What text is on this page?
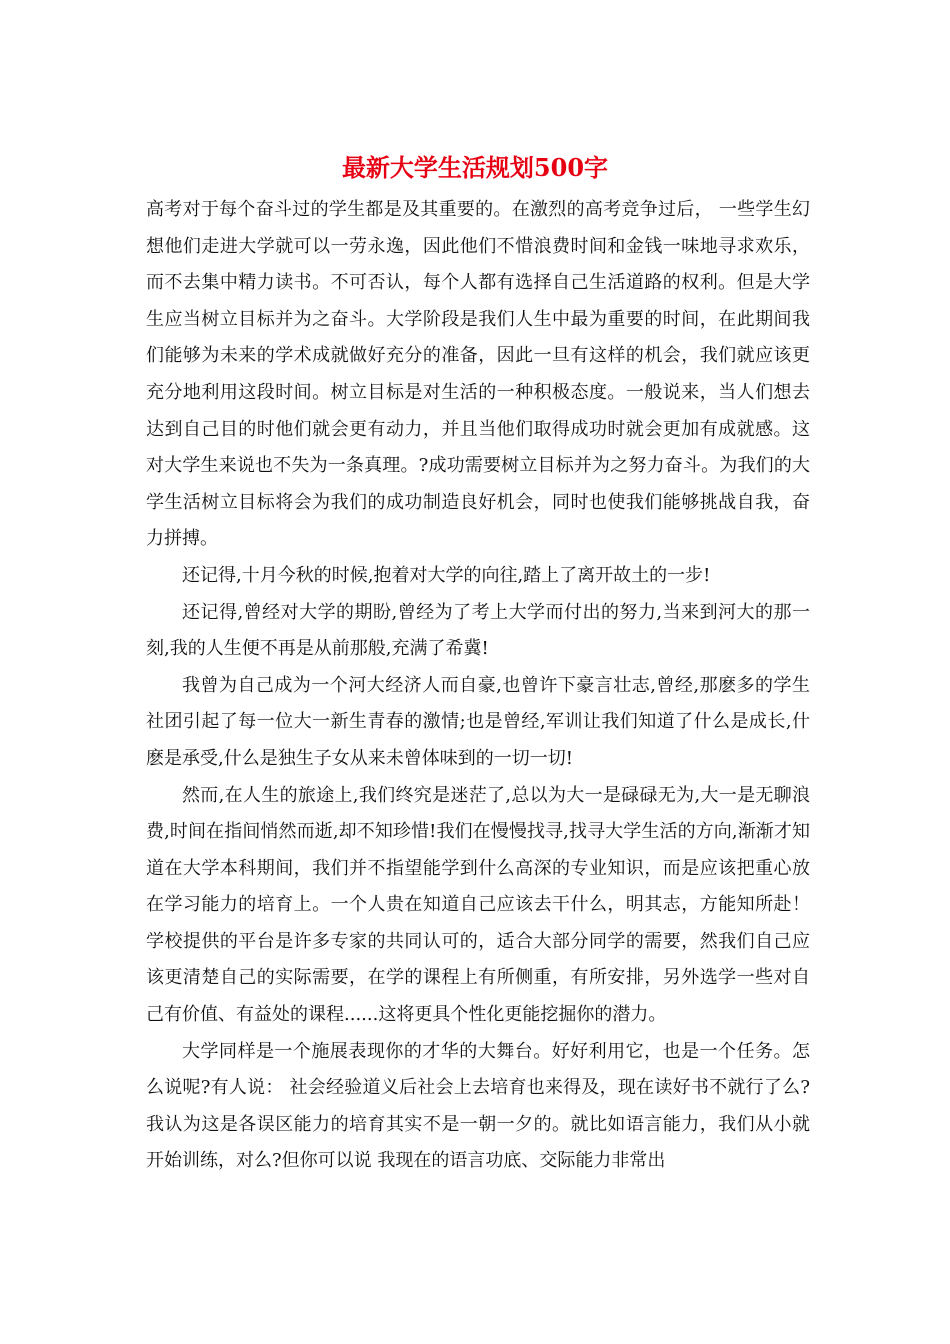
最新大学生活规划500字

高考对于每个奋斗过的学生都是及其重要的。在激烈的高考竞争过后， 一些学生幻想他们走进大学就可以一劳永逸，因此他们不惜浪费时间和金钱一味地寻求欢乐，而不去集中精力读书。不可否认，每个人都有选择自己生活道路的权利。但是大学生应当树立目标并为之奋斗。大学阶段是我们人生中最为重要的时间，在此期间我们能够为未来的学术成就做好充分的准备，因此一旦有这样的机会，我们就应该更充分地利用这段时间。树立目标是对生活的一种积极态度。一般说来，当人们想去达到自己目的时他们就会更有动力，并且当他们取得成功时就会更加有成就感。这对大学生来说也不失为一条真理。?成功需要树立目标并为之努力奋斗。为我们的大学生活树立目标将会为我们的成功制造良好机会，同时也使我们能够挑战自我，奋力拼搏。

还记得,十月今秋的时候,抱着对大学的向往,踏上了离开故土的一步!

还记得,曾经对大学的期盼,曾经为了考上大学而付出的努力,当来到河大的那一刻,我的人生便不再是从前那般,充满了希冀!

我曾为自己成为一个河大经济人而自豪,也曾许下豪言壮志,曾经,那麽多的学生社团引起了每一位大一新生青春的激情;也是曾经,军训让我们知道了什么是成长,什麽是承受,什么是独生子女从来未曾体味到的一切一切!

然而,在人生的旅途上,我们终究是迷茫了,总以为大一是碌碌无为,大一是无聊浪费,时间在指间悄然而逝,却不知珍惜!我们在慢慢找寻,找寻大学生活的方向,渐渐才知道在大学本科期间，我们并不指望能学到什么高深的专业知识，而是应该把重心放在学习能力的培育上。一个人贵在知道自己应该去干什么，明其志，方能知所赴！学校提供的平台是许多专家的共同认可的，适合大部分同学的需要，然我们自己应该更清楚自己的实际需要，在学的课程上有所侧重，有所安排，另外选学一些对自己有价值、有益处的课程......这将更具个性化更能挖掘你的潜力。

大学同样是一个施展表现你的才华的大舞台。好好利用它，也是一个任务。怎么说呢?有人说： 社会经验道义后社会上去培育也来得及，现在读好书不就行了么? 我认为这是各误区能力的培育其实不是一朝一夕的。就比如语言能力，我们从小就开始训练，对么?但你可以说 我现在的语言功底、交际能力非常出
